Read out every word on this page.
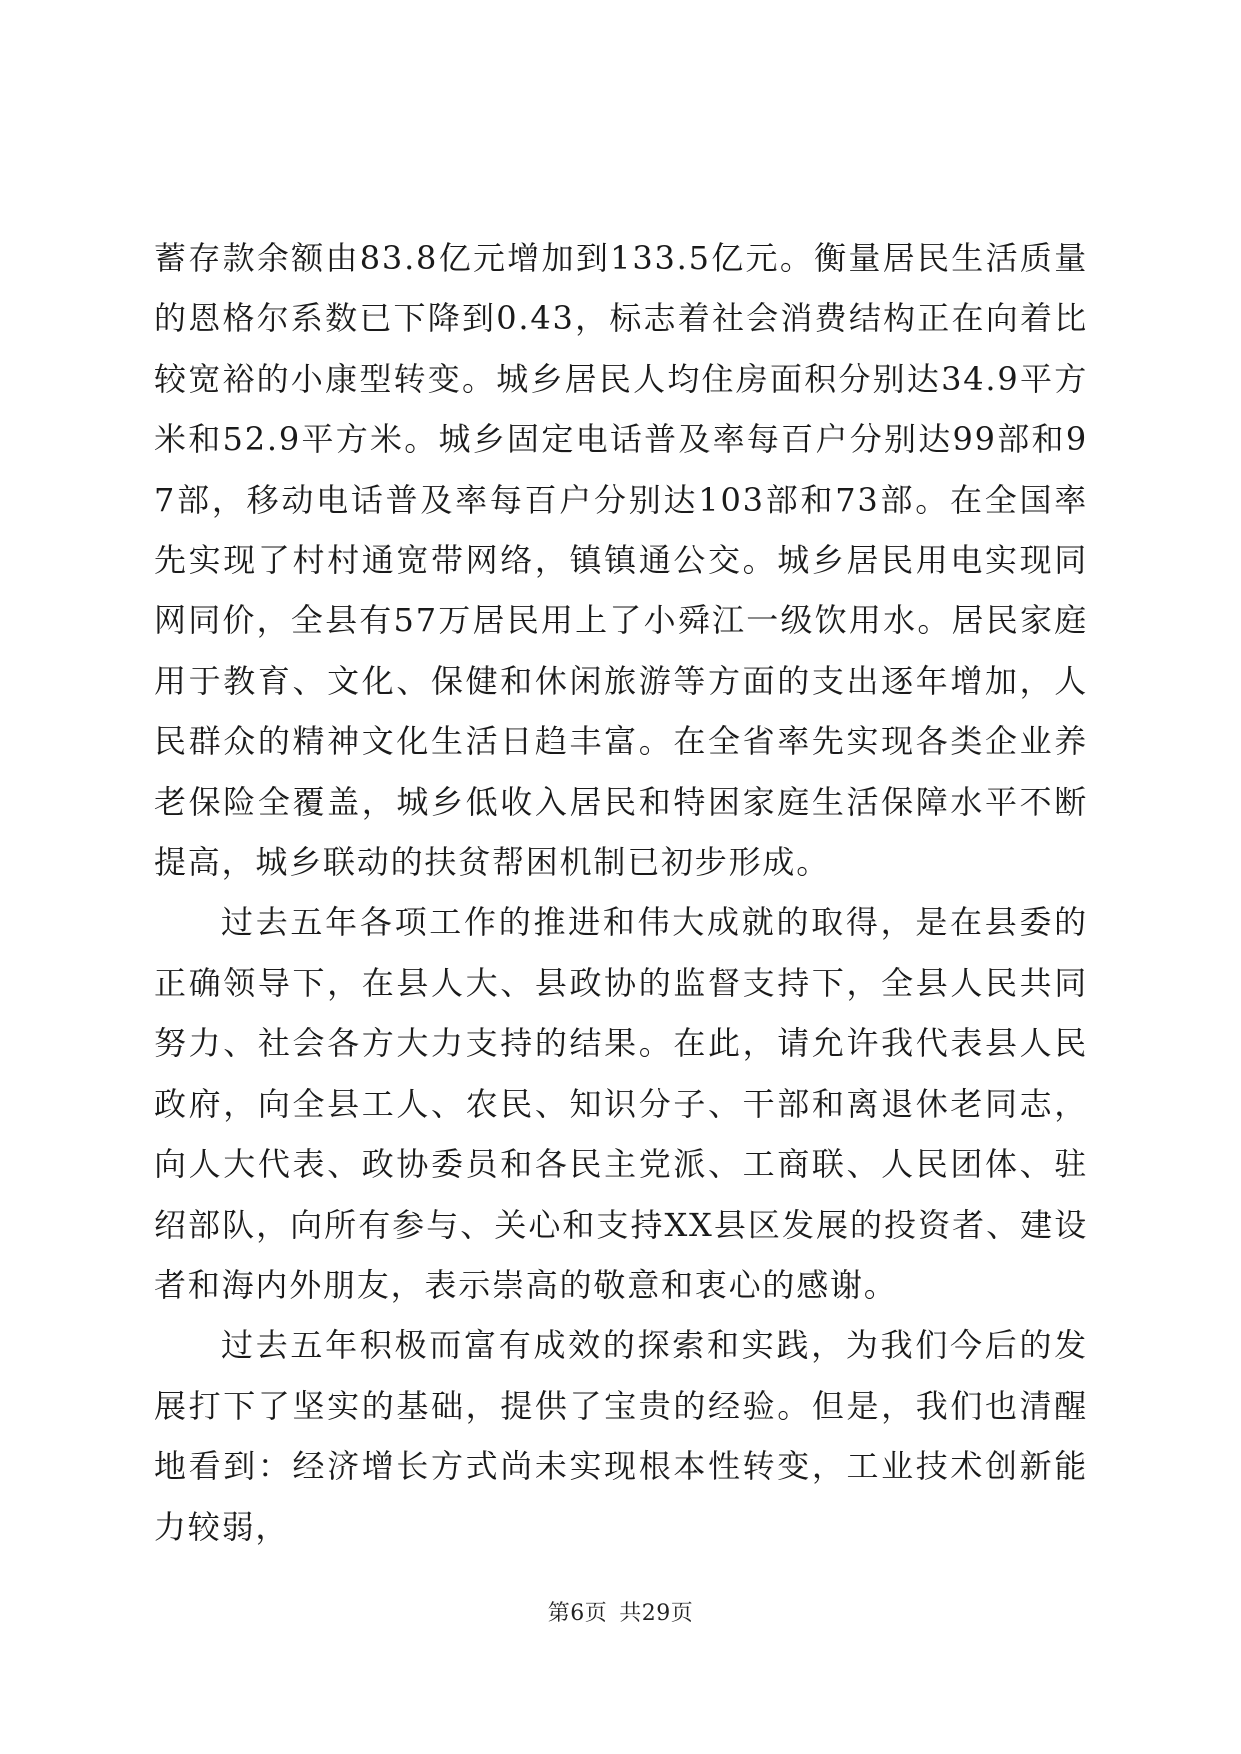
蓄存款余额由83.8亿元增加到133.5亿元。衡量居民生活质量的恩格尔系数已下降到0.43，标志着社会消费结构正在向着比较宽裕的小康型转变。城乡居民人均住房面积分别达34.9平方米和52.9平方米。城乡固定电话普及率每百户分别达99部和97部，移动电话普及率每百户分别达103部和73部。在全国率先实现了村村通宽带网络，镇镇通公交。城乡居民用电实现同网同价，全县有57万居民用上了小舜江一级饮用水。居民家庭用于教育、文化、保健和休闲旅游等方面的支出逐年增加，人民群众的精神文化生活日趋丰富。在全省率先实现各类企业养老保险全覆盖，城乡低收入居民和特困家庭生活保障水平不断提高，城乡联动的扶贫帮困机制已初步形成。

过去五年各项工作的推进和伟大成就的取得，是在县委的正确领导下，在县人大、县政协的监督支持下，全县人民共同努力、社会各方大力支持的结果。在此，请允许我代表县人民政府，向全县工人、农民、知识分子、干部和离退休老同志，向人大代表、政协委员和各民主党派、工商联、人民团体、驻绍部队，向所有参与、关心和支持XX县区发展的投资者、建设者和海内外朋友，表示崇高的敬意和衷心的感谢。

过去五年积极而富有成效的探索和实践，为我们今后的发展打下了坚实的基础，提供了宝贵的经验。但是，我们也清醒地看到：经济增长方式尚未实现根本性转变，工业技术创新能力较弱，

第6页 共29页
